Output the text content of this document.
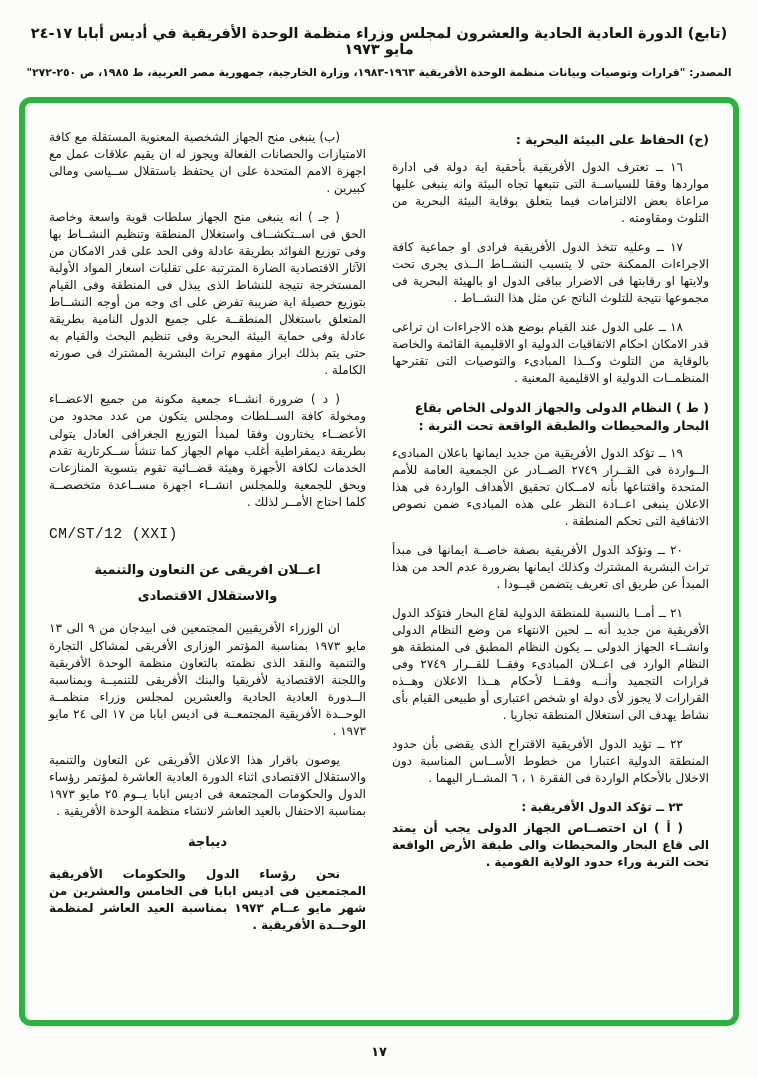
(تابع) الدورة العادية الحادية والعشرون لمجلس وزراء منظمة الوحدة الأفريقية في أديس أبابا ١٧-٢٤ مايو ١٩٧٣
المصدر: "قرارات وتوصيات وبيانات منظمة الوحدة الأفريقية ١٩٦٣-١٩٨٣، وزارة الخارجية، جمهورية مصر العربية، ط ١٩٨٥، ص ٢٥٠-٢٧٢"
(ح) الحفاظ على البيئة البحرية :

١٦ ــ تعترف الدول الأفريقية بأحقية اية دولة فى ادارة مواردها وفقا للسياســة التى تتبعها تجاه البيئة وانه ينبغى عليها مراعاة بعض الالتزامات فيما يتعلق بوقاية البيئة البحرية من التلوث ومقاومته .

١٧ ــ وعليه تتخذ الدول الأفريقية فرادى او جماعية كافة الاجراءات الممكنة حتى لا يتسبب النشــاط الــذى يجرى تحت ولايتها او رقابتها فى الاضرار بباقى الدول او بالهيئة البحرية فى مجموعها نتيجة للتلوث الناتج عن مثل هذا النشــاط .

١٨ ــ على الدول عند القيام بوضع هذه الاجراءات ان تراعى قدر الامكان احكام الاتفاقيات الدولية او الاقليمية القائمة والخاصة بالوقاية من التلوث وكــذا المبادىء والتوصيات التى تقترحها المنظمــات الدولية او الاقليمية المعنية .

( ط ) النظام الدولى والجهاز الدولى الخاص بقاع البحار والمحيطات والطبقة الواقعة تحت التربة :

١٩ ــ تؤكد الدول الأفريقية من جديد ايمانها باعلان المبادىء الــواردة فى القــرار ٢٧٤٩ الصــادر عن الجمعية العامة للأمم المتحدة واقتناعها بأنه لامــكان تحقيق الأهداف الواردة فى هذا الاعلان ينبغى اعــادة النظر على هذه المبادىء ضمن نصوص الاتفاقية التى تحكم المنطقة .

٢٠ ــ وتؤكد الدول الأفريقية بصفة خاصــة ايمانها فى مبدأ تراث البشرية المشترك وكذلك ايمانها بضرورة عدم الحد من هذا المبدأ عن طريق اى تعريف يتضمن قيــودا .

٢١ ــ أمــا بالنسبة للمنطقة الدولية لقاع البحار فتؤكد الدول الأفريقية من جديد أنه ــ لحين الانتهاء من وضع النظام الدولى وانشــاء الجهاز الدولى ــ يكون النظام المطبق فى المنطقة هو النظام الوارد فى اعــلان المبادىء وفقــا للقــرار ٢٧٤٩ وفى قرارات التجميد وأنــه وفقــا لأحكام هــذا الاعلان وهــذه القرارات لا يجوز لأى دولة او شخص اعتبارى أو طبيعى القيام بأى نشاط يهدف الى استغلال المنطقة تجاريا .

٢٢ ــ تؤيد الدول الأفريقية الاقتراح الذى يقضى بأن حدود المنطقة الدولية اعتبارا من خطوط الأســاس المناسبة دون الاخلال بالأحكام الواردة فى الفقرة ١ ، ٦ المشــار اليهما .

٢٣ ــ تؤكد الدول الأفريقية :

( أ ) ان اختصــاص الجهاز الدولى يجب أن يمتد الى قاع البحار والمحيطات والى طبقة الأرض الواقعة تحت التربة وراء حدود الولاية القومية .

(ب) ينبغى منح الجهاز الشخصية المعنوية المستقلة مع كافة الامتيازات والحصانات الفعالة ويجوز له ان يقيم علاقات عمل مع اجهزة الامم المتحدة على ان يحتفظ باستقلال ســياسى ومالى كبيرين .

( جـ ) انه ينبغى منح الجهاز سلطات قوية واسعة وخاصة الحق فى اســتكشــاف واستغلال المنطقة وتنظيم النشــاط بها وفى توزيع الفوائد بطريقة عادلة وفى الحد على قدر الامكان من الآثار الاقتصادية الضارة المترتبة على تقلبات اسعار المواد الأولية المستخرجة نتيجة للنشاط الذى يبذل فى المنطقة وفى القيام بتوزيع حصيلة اية ضريبة تفرض على اى وجه من أوجه النشــاط المتعلق باستغلال المنطقــة على جميع الدول النامية بطريقة عادلة وفى حماية البيئة البحرية وفى تنظيم البحث والقيام به حتى يتم بذلك ابراز مفهوم تراث البشرية المشترك فى صورته الكاملة .

( د ) ضرورة انشــاء جمعية مكونة من جميع الاعضــاء ومخولة كافة الســلطات ومجلس يتكون من عدد محدود من الأعضــاء يختارون وفقا لمبدأ التوزيع الجغرافى العادل يتولى بطريقة ديمقراطية أغلب مهام الجهاز كما تنشأ ســكرتارية تقدم الخدمات لكافة الأجهزة وهيئة قضــائية تقوم بتسوية المنازعات ويحق للجمعية وللمجلس انشــاء اجهزة مســاعدة متخصصــة كلما احتاج الأمــر لذلك .

CM/ST/12 (XXI)
اعــلان افريقى عن التعاون والتنمية
والاستقلال الاقتصادى

ان الوزراء الأفريقيين المجتمعين فى ابيدجان من ٩ الى ١٣ مايو ١٩٧٣ بمناسبة المؤتمر الوزارى الأفريقى لمشاكل التجارة والتنمية والنقد الذى نظمته بالتعاون منظمة الوحدة الأفريقية واللجنة الاقتصادية لأفريقيا والبنك الأفريقى للتنميــة وبمناسبة الــدورة العادية الحادية والعشرين لمجلس وزراء منظمــة الوحــدة الأفريقية المجتمعــة فى اديس ابابا من ١٧ الى ٢٤ مايو ١٩٧٣ .

يوصون باقرار هذا الاعلان الأفريقى عن التعاون والتنمية والاستقلال الاقتصادى اثناء الدورة العادية العاشرة لمؤتمر رؤساء الدول والحكومات المجتمعة فى اديس ابابا يــوم ٢٥ مايو ١٩٧٣ بمناسبة الاحتفال بالعيد العاشر لانشاء منظمة الوحدة الأفريقية .

ديباجة

نحن رؤساء الدول والحكومات الأفريقية المجتمعين فى اديس ابابا فى الخامس والعشرين من شهر مايو عــام ١٩٧٣ بمناسبة العيد العاشر لمنظمة الوحــدة الأفريقية .

١٧
